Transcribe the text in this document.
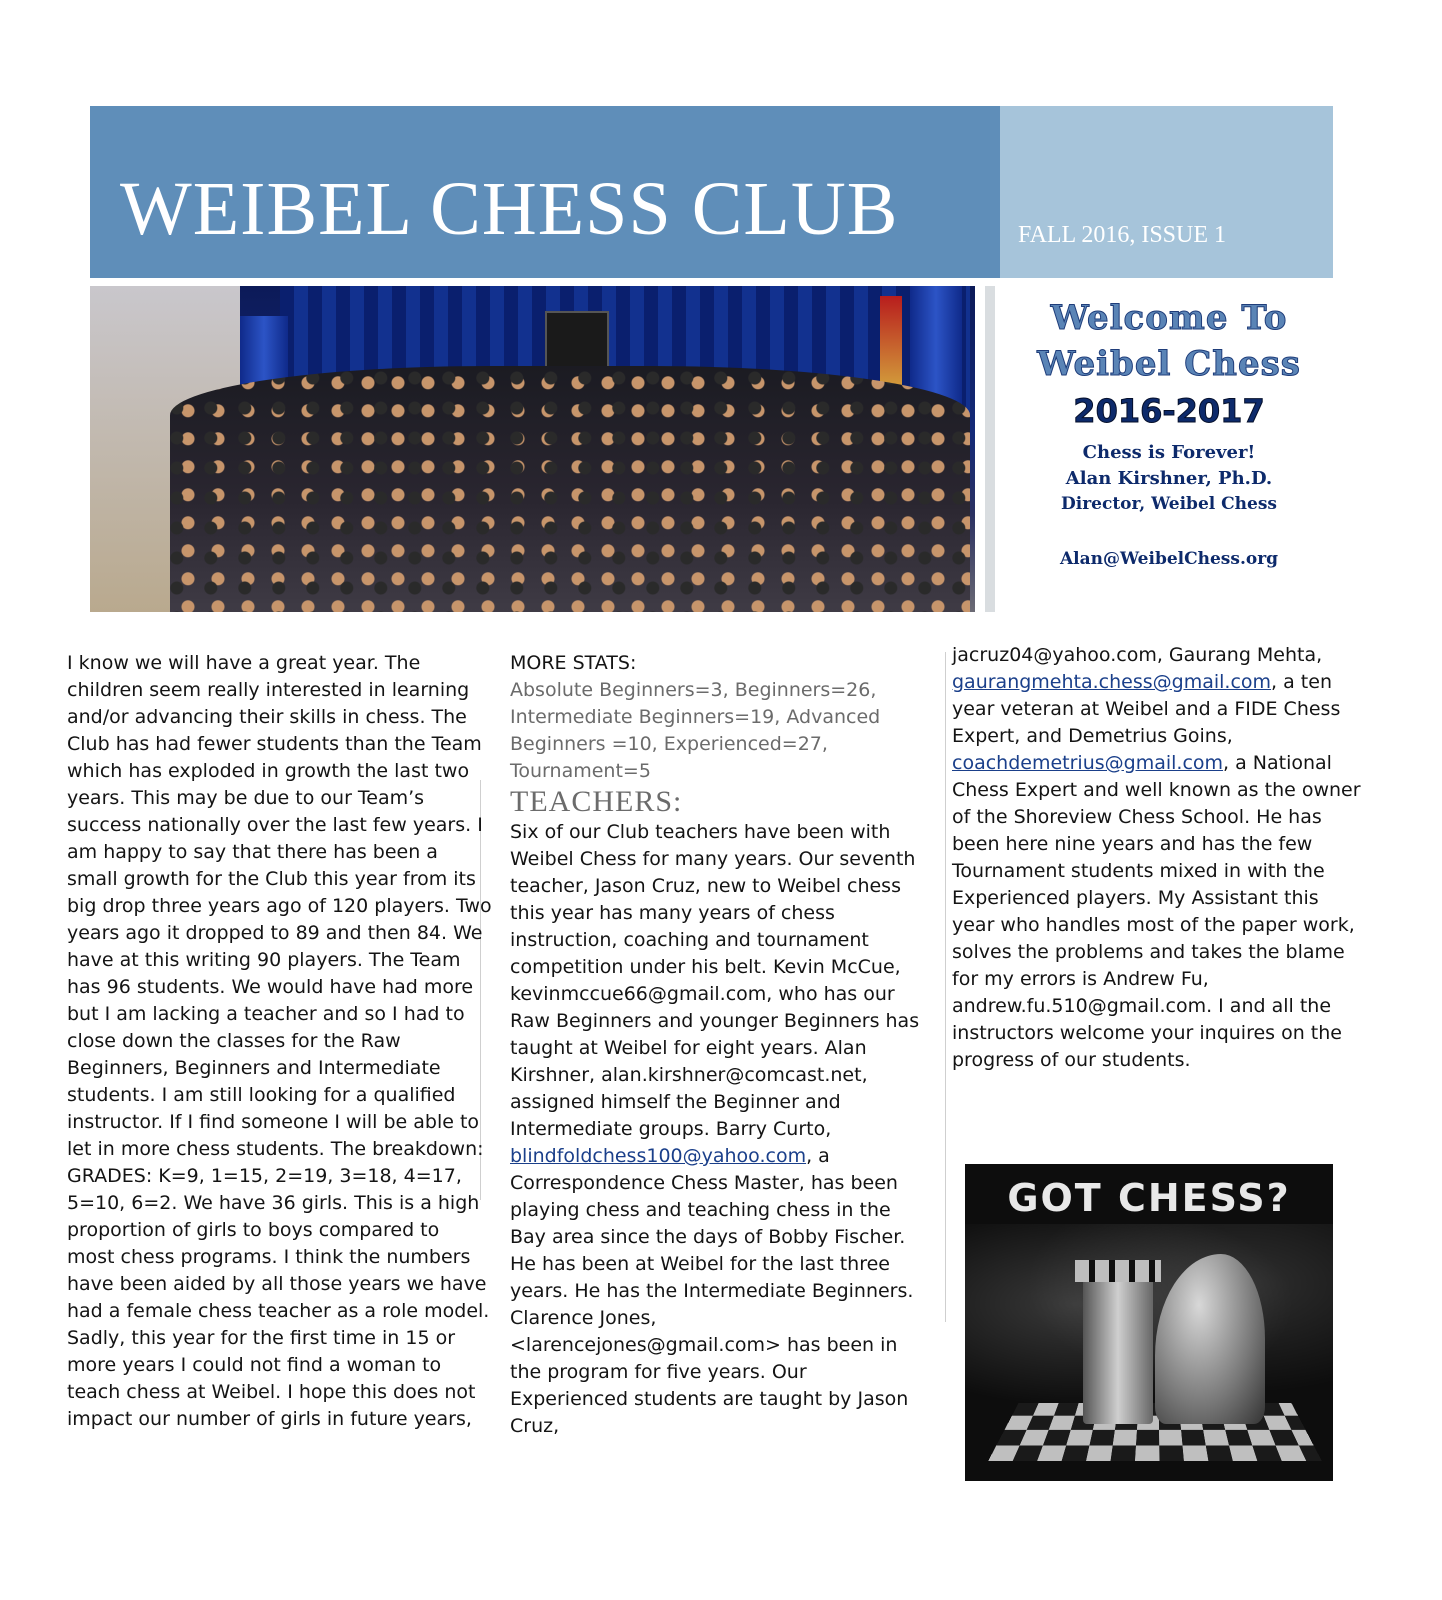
WEIBEL CHESS CLUB	FALL 2016, ISSUE 1
Welcome To
Weibel Chess
2016-2017
Chess is Forever!
Alan Kirshner, Ph.D.
Director, Weibel Chess
Alan@WeibelChess.org

I know we will have a great year. The children seem really interested in learning and/or advancing their skills in chess. The Club has had fewer students than the Team which has exploded in growth the last two years. This may be due to our Team’s success nationally over the last few years. I am happy to say that there has been a small growth for the Club this year from its big drop three years ago of 120 players. Two years ago it dropped to 89 and then 84. We have at this writing 90 players. The Team has 96 students. We would have had more but I am lacking a teacher and so I had to close down the classes for the Raw Beginners, Beginners and Intermediate students. I am still looking for a qualified instructor. If I find someone I will be able to let in more chess students. The breakdown: GRADES: K=9, 1=15, 2=19, 3=18, 4=17, 5=10, 6=2. We have 36 girls. This is a high proportion of girls to boys compared to most chess programs. I think the numbers have been aided by all those years we have had a female chess teacher as a role model. Sadly, this year for the first time in 15 or more years I could not find a woman to teach chess at Weibel. I hope this does not impact our number of girls in future years,

MORE STATS:

Absolute Beginners=3, Beginners=26, Intermediate Beginners=19, Advanced Beginners =10, Experienced=27, Tournament=5

TEACHERS:

Six of our Club teachers have been with Weibel Chess for many years. Our seventh teacher, Jason Cruz, new to Weibel chess this year has many years of chess instruction, coaching and tournament competition under his belt. Kevin McCue, kevinmccue66@gmail.com, who has our Raw Beginners and younger Beginners has taught at Weibel for eight years. Alan Kirshner, alan.kirshner@comcast.net, assigned himself the Beginner and Intermediate groups. Barry Curto, blindfoldchess100@yahoo.com, a Correspondence Chess Master, has been playing chess and teaching chess in the Bay area since the days of Bobby Fischer. He has been at Weibel for the last three years. He has the Intermediate Beginners. Clarence Jones, <larencejones@gmail.com> has been in the program for five years. Our Experienced students are taught by Jason Cruz,

jacruz04@yahoo.com, Gaurang Mehta, gaurangmehta.chess@gmail.com, a ten year veteran at Weibel and a FIDE Chess Expert, and Demetrius Goins, coachdemetrius@gmail.com, a National Chess Expert and well known as the owner of the Shoreview Chess School. He has been here nine years and has the few Tournament students mixed in with the Experienced players. My Assistant this year who handles most of the paper work, solves the problems and takes the blame for my errors is Andrew Fu, andrew.fu.510@gmail.com. I and all the instructors welcome your inquires on the progress of our students.

GOT CHESS?
